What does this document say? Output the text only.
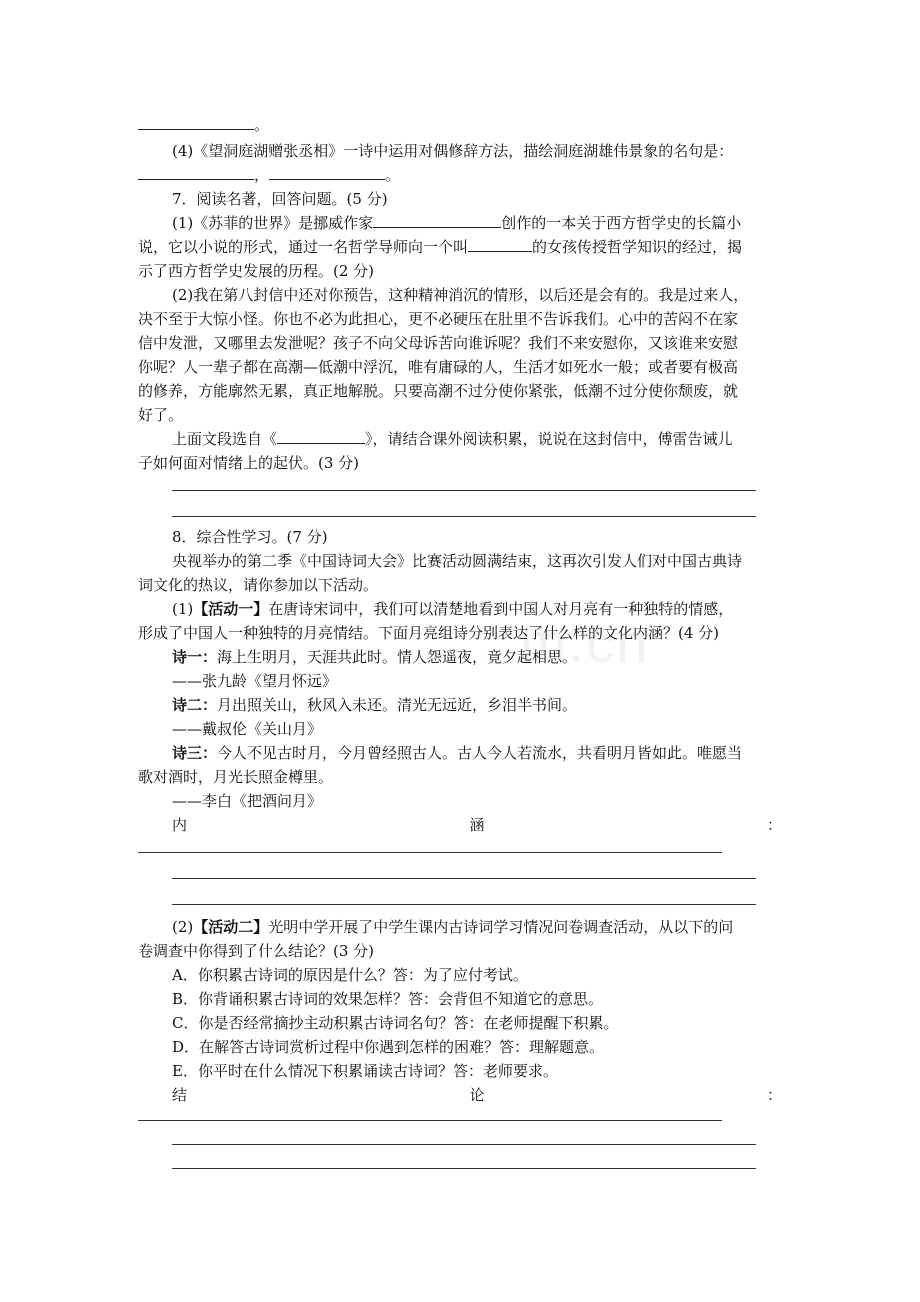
m.cn
。
(4)《望洞庭湖赠张丞相》一诗中运用对偶修辞方法，描绘洞庭湖雄伟景象的名句是：
，	。
7．阅读名著，回答问题。(5 分)
(1)《苏菲的世界》是挪威作家	创作的一本关于西方哲学史的长篇小
说，它以小说的形式，通过一名哲学导师向一个叫	的女孩传授哲学知识的经过，揭
示了西方哲学史发展的历程。(2 分)
(2)我在第八封信中还对你预告，这种精神消沉的情形，以后还是会有的。我是过来人，
决不至于大惊小怪。你也不必为此担心，更不必硬压在肚里不告诉我们。心中的苦闷不在家
信中发泄，又哪里去发泄呢？孩子不向父母诉苦向谁诉呢？我们不来安慰你，又该谁来安慰
你呢？人一辈子都在高潮—低潮中浮沉，唯有庸碌的人，生活才如死水一般；或者要有极高
的修养，方能廓然无累，真正地解脱。只要高潮不过分使你紧张，低潮不过分使你颓废，就
好了。
上面文段选自《	》，请结合课外阅读积累，说说在这封信中，傅雷告诫儿
子如何面对情绪上的起伏。(3 分)
8．综合性学习。(7 分)
央视举办的第二季《中国诗词大会》比赛活动圆满结束，这再次引发人们对中国古典诗
词文化的热议，请你参加以下活动。
(1)【活动一】在唐诗宋词中，我们可以清楚地看到中国人对月亮有一种独特的情感，
形成了中国人一种独特的月亮情结。下面月亮组诗分别表达了什么样的文化内涵？(4 分)
诗一：海上生明月，天涯共此时。情人怨遥夜，竟夕起相思。
——张九龄《望月怀远》
诗二：月出照关山，秋风入未还。清光无远近，乡泪半书间。
——戴叔伦《关山月》
诗三：今人不见古时月，今月曾经照古人。古人今人若流水，共看明月皆如此。唯愿当
歌对酒时，月光长照金樽里。
——李白《把酒问月》
内	涵	：
(2)【活动二】光明中学开展了中学生课内古诗词学习情况问卷调查活动，从以下的问
卷调查中你得到了什么结论？(3 分)
A．你积累古诗词的原因是什么？答：为了应付考试。
B．你背诵积累古诗词的效果怎样？答：会背但不知道它的意思。
C．你是否经常摘抄主动积累古诗词名句？答：在老师提醒下积累。
D．在解答古诗词赏析过程中你遇到怎样的困难？答：理解题意。
E．你平时在什么情况下积累诵读古诗词？答：老师要求。
结	论	：
